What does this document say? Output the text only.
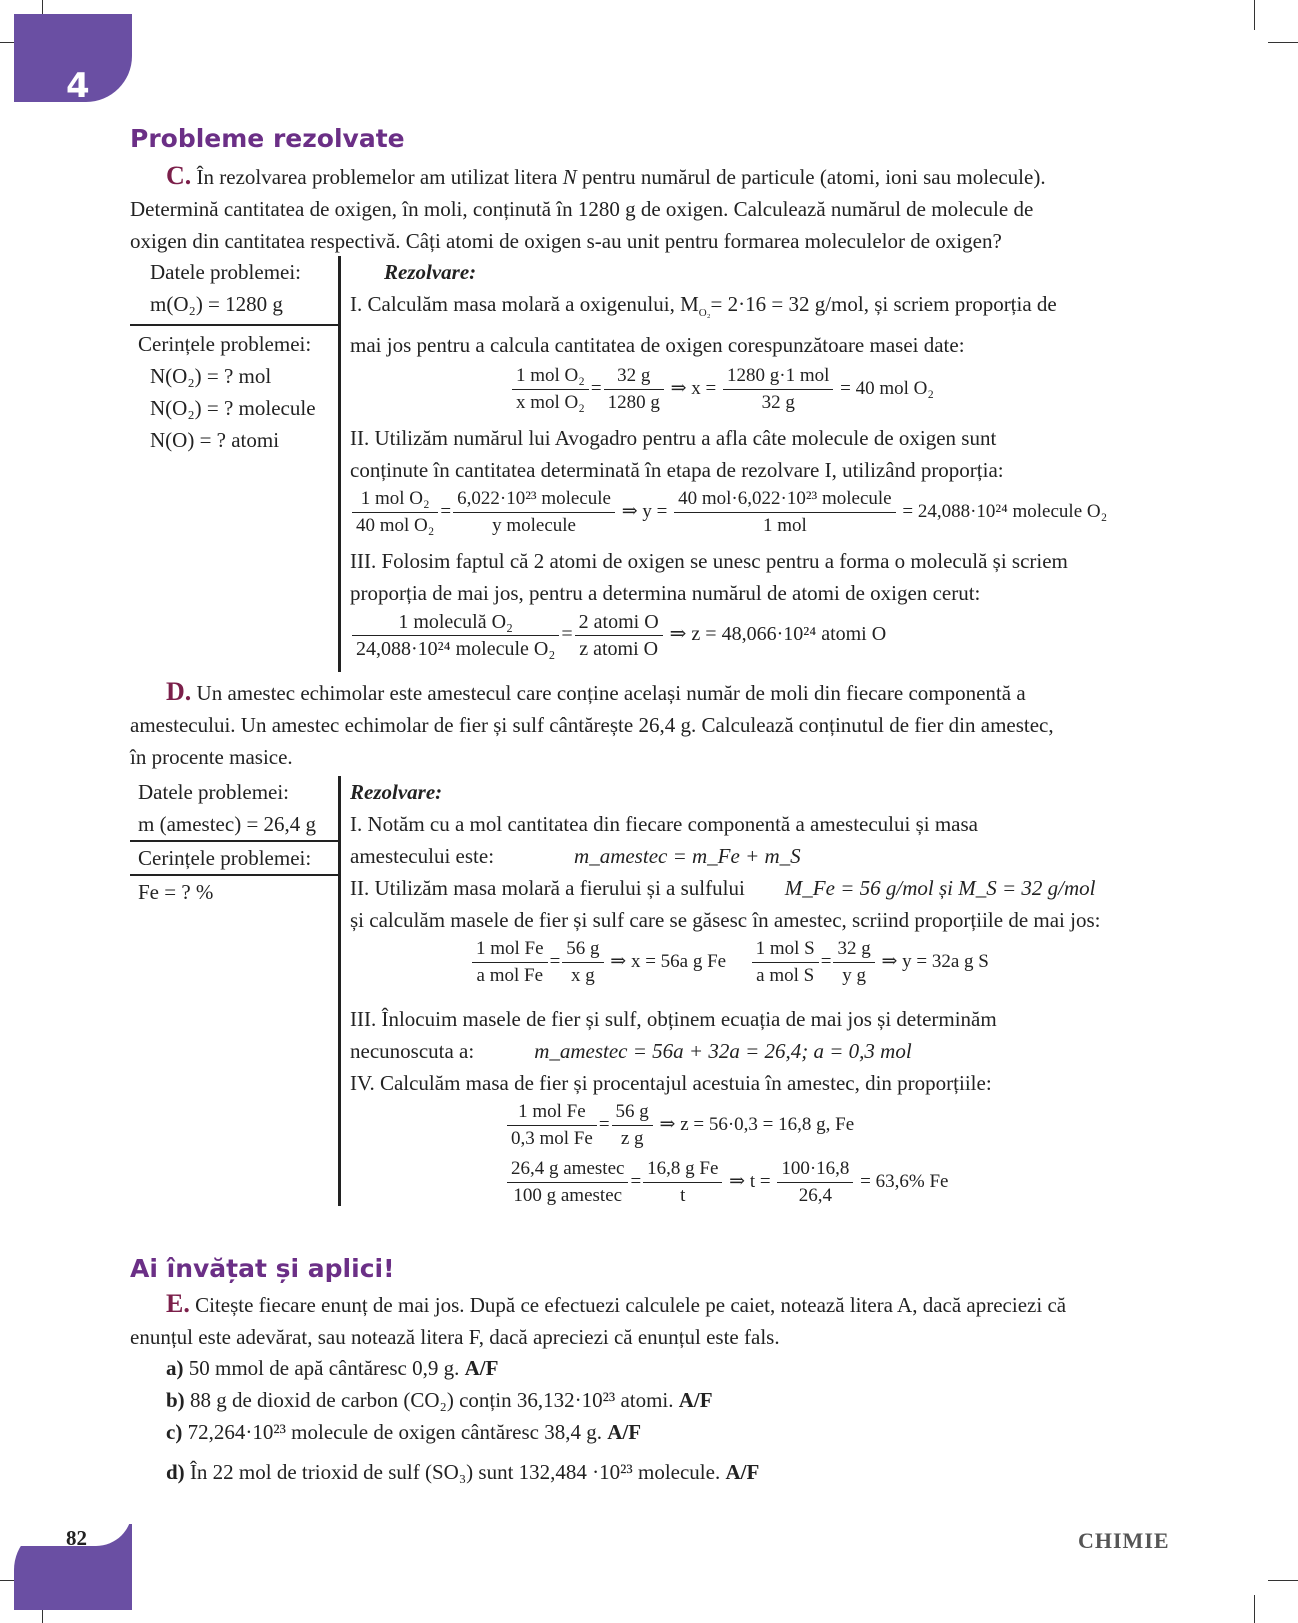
4
Probleme rezolvate
C. În rezolvarea problemelor am utilizat litera N pentru numărul de particule (atomi, ioni sau molecule).
Determină cantitatea de oxigen, în moli, conținută în 1280 g de oxigen. Calculează numărul de molecule de
oxigen din cantitatea respectivă. Câți atomi de oxigen s-au unit pentru formarea moleculelor de oxigen?
Datele problemei:
m(O₂) = 1280 g
Cerințele problemei:
N(O₂) = ? mol
N(O₂) = ? molecule
N(O) = ? atomi
Rezolvare:
I. Calculăm masa molară a oxigenului, $M_{O_2}= 2\cdot 16 = 32$ g/mol, și scriem proporția de
mai jos pentru a calcula cantitatea de oxigen corespunzătoare masei date:
$\frac{\text{1 mol O₂}}{\text{x mol O₂}} = \frac{32 g}{1280 g}$ ⇒ $x = \frac{\text{1280 g·1 mol}}{32 g} = 40$ mol O₂
II. Utilizăm numărul lui Avogadro pentru a afla câte molecule de oxigen sunt
conținute în cantitatea determinată în etapa de rezolvare I, utilizând proporția:
$\frac{\text{1 mol O₂}}{\text{40 mol O₂}} = \frac{\text{6,022·10²³ molecule}}{\text{y molecule}}$ ⇒ $y = \frac{\text{40 mol·6,022·10²³ molecule}}{\text{1 mol}} = 24,088\cdot 10^{24}$ molecule O₂
III. Folosim faptul că 2 atomi de oxigen se unesc pentru a forma o moleculă și scriem
proporția de mai jos, pentru a determina numărul de atomi de oxigen cerut:
$\frac{\text{1 moleculă O₂}}{\text{24,088·10²⁴ molecule O₂}} = \frac{\text{2 atomi O}}{\text{z atomi O}}$ ⇒ z = 48,066·10²⁴ atomi O
D. Un amestec echimolar este amestecul care conține același număr de moli din fiecare componentă a
amestecului. Un amestec echimolar de fier și sulf cântărește 26,4 g. Calculează conținutul de fier din amestec,
în procente masice.
Datele problemei:
m (amestec) = 26,4 g
Cerințele problemei:
Fe = ? %
Rezolvare:
I. Notăm cu a mol cantitatea din fiecare componentă a amestecului și masa
amestecului este:	m_amestec = m_Fe + m_S
II. Utilizăm masa molară a fierului și a sulfului M_Fe = 56 g/mol și M_S = 32 g/mol
și calculăm masele de fier și sulf care se găsesc în amestec, scriind proporțiile de mai jos:
$\frac{\text{1 mol Fe}}{\text{a mol Fe}} = \frac{56 g}{\text{x g}}$ ⇒ x = 56a g Fe $\frac{\text{1 mol S}}{\text{a mol S}} = \frac{32 g}{\text{y g}}$ ⇒ y = 32a g S
III. Înlocuim masele de fier și sulf, obținem ecuația de mai jos și determinăm
necunoscuta a:	m_amestec = 56a + 32a = 26,4; a = 0,3 mol
IV. Calculăm masa de fier și procentajul acestuia în amestec, din proporțiile:
$\frac{\text{1 mol Fe}}{\text{0,3 mol Fe}} = \frac{56 g}{\text{z g}}$ ⇒ z = 56·0,3 = 16,8 g, Fe
$\frac{\text{26,4 g amestec}}{\text{100 g amestec}} = \frac{\text{16,8 g Fe}}{t}$ ⇒ $t = \frac{100\cdot 16,8}{26,4} = 63,6\%$ Fe
Ai învățat și aplici!
E. Citește fiecare enunț de mai jos. După ce efectuezi calculele pe caiet, notează litera A, dacă apreciezi că
enunțul este adevărat, sau notează litera F, dacă apreciezi că enunțul este fals.
a) 50 mmol de apă cântăresc 0,9 g. A/F
b) 88 g de dioxid de carbon (CO₂) conțin 36,132·10²³ atomi. A/F
c) 72,264·10²³ molecule de oxigen cântăresc 38,4 g. A/F
d) În 22 mol de trioxid de sulf (SO₃) sunt 132,484 ·10²³ molecule. A/F
82	CHIMIE
